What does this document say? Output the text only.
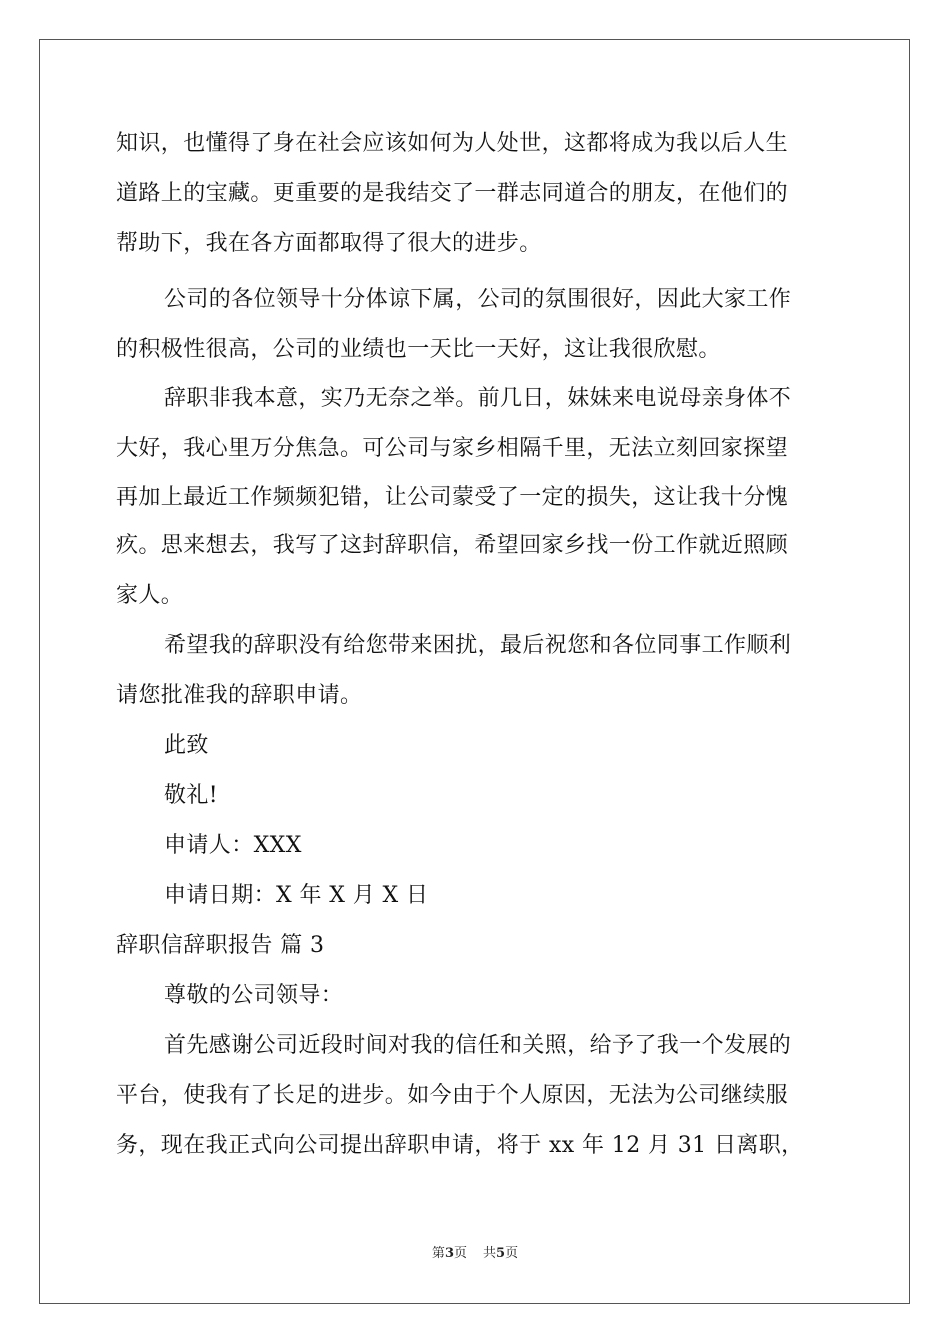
知识，也懂得了身在社会应该如何为人处世，这都将成为我以后人生
道路上的宝藏。更重要的是我结交了一群志同道合的朋友，在他们的
帮助下，我在各方面都取得了很大的进步。
公司的各位领导十分体谅下属，公司的氛围很好，因此大家工作
的积极性很高，公司的业绩也一天比一天好，这让我很欣慰。
辞职非我本意，实乃无奈之举。前几日，妹妹来电说母亲身体不
大好，我心里万分焦急。可公司与家乡相隔千里，无法立刻回家探望
再加上最近工作频频犯错，让公司蒙受了一定的损失，这让我十分愧
疚。思来想去，我写了这封辞职信，希望回家乡找一份工作就近照顾
家人。
希望我的辞职没有给您带来困扰，最后祝您和各位同事工作顺利
请您批准我的辞职申请。
此致
敬礼!
申请人：XXX
申请日期：X 年 X 月 X 日
辞职信辞职报告 篇 3
尊敬的公司领导：
首先感谢公司近段时间对我的信任和关照，给予了我一个发展的
平台，使我有了长足的进步。如今由于个人原因，无法为公司继续服
务，现在我正式向公司提出辞职申请，将于 xx 年 12 月 31 日离职，
第3页 共5页
